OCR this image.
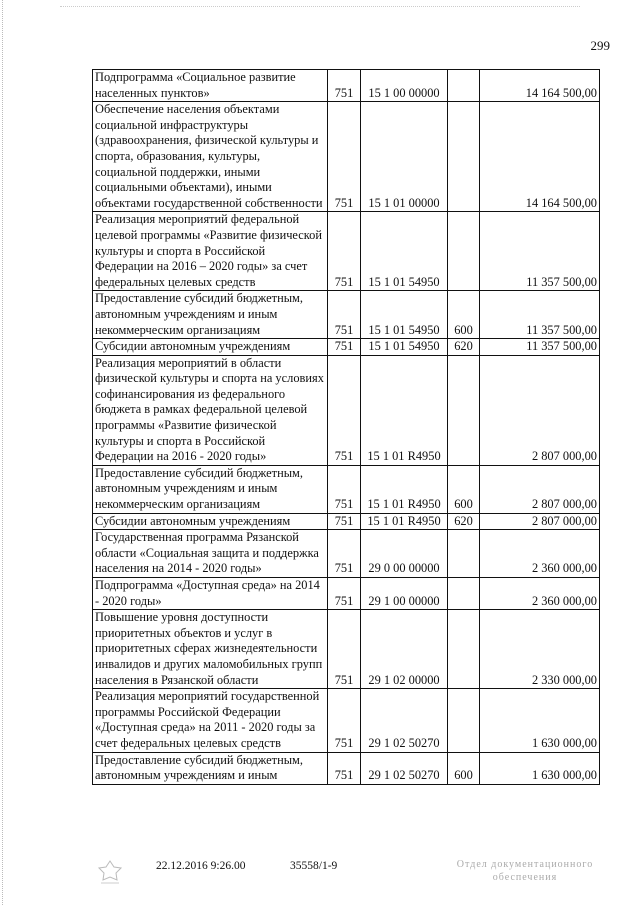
299
Подпрограмма «Социальное развитие населенных пунктов»	751	15 1 00 00000		14 164 500,00
Обеспечение населения объектами социальной инфраструктуры (здравоохранения, физической культуры и спорта, образования, культуры, социальной поддержки, иными социальными объектами), иными объектами государственной собственности	751	15 1 01 00000		14 164 500,00
Реализация мероприятий федеральной целевой программы «Развитие физической культуры и спорта в Российской Федерации на 2016 – 2020 годы» за счет федеральных целевых средств	751	15 1 01 54950		11 357 500,00
Предоставление субсидий бюджетным, автономным учреждениям и иным некоммерческим организациям	751	15 1 01 54950	600	11 357 500,00
Субсидии автономным учреждениям	751	15 1 01 54950	620	11 357 500,00
Реализация мероприятий в области физической культуры и спорта на условиях софинансирования из федерального бюджета в рамках федеральной целевой программы «Развитие физической культуры и спорта в Российской Федерации на 2016 - 2020 годы»	751	15 1 01 R4950		2 807 000,00
Предоставление субсидий бюджетным, автономным учреждениям и иным некоммерческим организациям	751	15 1 01 R4950	600	2 807 000,00
Субсидии автономным учреждениям	751	15 1 01 R4950	620	2 807 000,00
Государственная программа Рязанской области «Социальная защита и поддержка населения на 2014 - 2020 годы»	751	29 0 00 00000		2 360 000,00
Подпрограмма «Доступная среда» на 2014 - 2020 годы»	751	29 1 00 00000		2 360 000,00
Повышение уровня доступности приоритетных объектов и услуг в приоритетных сферах жизнедеятельности инвалидов и других маломобильных групп населения в Рязанской области	751	29 1 02 00000		2 330 000,00
Реализация мероприятий государственной программы Российской Федерации «Доступная среда» на 2011 - 2020 годы за счет федеральных целевых средств	751	29 1 02 50270		1 630 000,00
Предоставление субсидий бюджетным, автономным учреждениям и иным	751	29 1 02 50270	600	1 630 000,00
22.12.2016 9:26.00	35558/1-9	Отдел документационного обеспечения
